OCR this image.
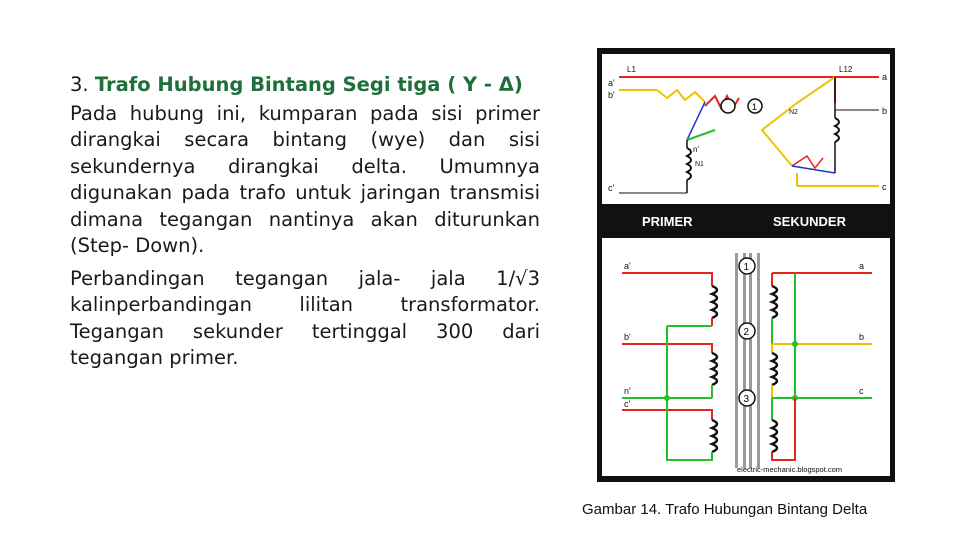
3. Trafo Hubung Bintang Segi tiga ( Y - Δ)

Pada hubung ini, kumparan pada sisi primer dirangkai secara bintang (wye) dan sisi sekundernya dirangkai delta. Umumnya digunakan pada trafo untuk jaringan transmisi dimana tegangan nantinya akan diturunkan (Step- Down).

Perbandingan tegangan jala- jala 1/√3 kalinperbandingan lilitan transformator. Tegangan sekunder tertinggal 300 dari tegangan primer.

PRIMER	SEKUNDER
1
L1	L12
a'
b'
c'
a
b
c
n'
N1
N2
1
2
3
a'
b'
n'
c'
a
b
c
electric-mechanic.blogspot.com
Gambar 14. Trafo Hubungan Bintang Delta
